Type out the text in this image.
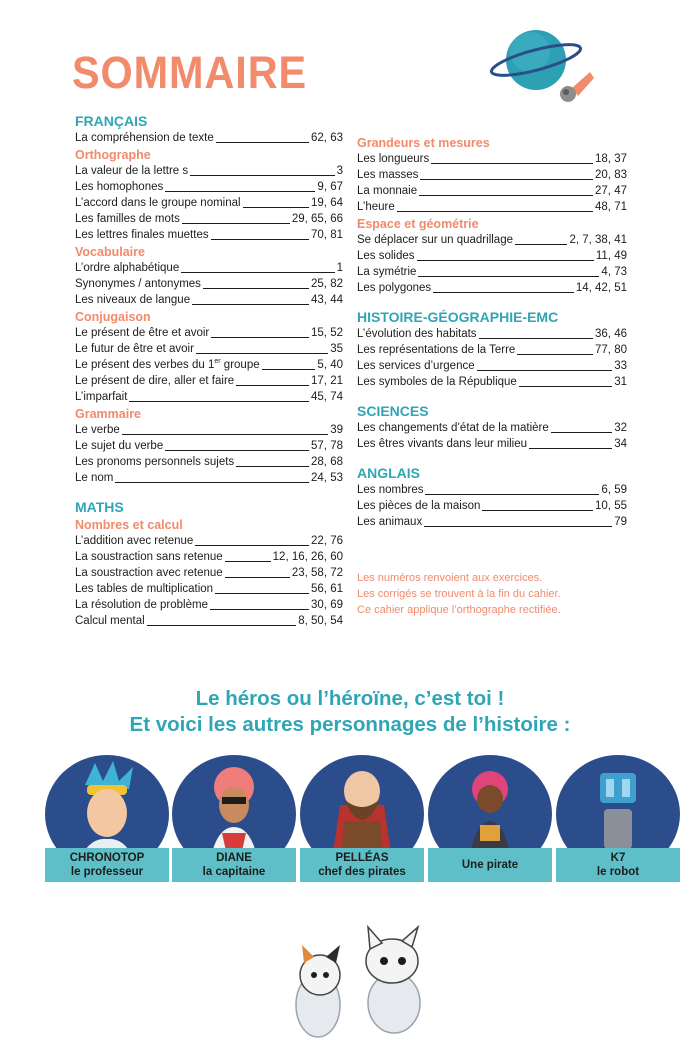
SOMMAIRE
FRANÇAIS
La compréhension de texte	62, 63
Orthographe
La valeur de la lettre s	3
Les homophones	9, 67
L’accord dans le groupe nominal	19, 64
Les familles de mots	29, 65, 66
Les lettres finales muettes	70, 81
Vocabulaire
L’ordre alphabétique	1
Synonymes / antonymes	25, 82
Les niveaux de langue	43, 44
Conjugaison
Le présent de être et avoir	15, 52
Le futur de être et avoir	35
Le présent des verbes du 1er groupe	5, 40
Le présent de dire, aller et faire	17, 21
L’imparfait	45, 74
Grammaire
Le verbe	39
Le sujet du verbe	57, 78
Les pronoms personnels sujets	28, 68
Le nom	24, 53
MATHS
Nombres et calcul
L’addition avec retenue	22, 76
La soustraction sans retenue	12, 16, 26, 60
La soustraction avec retenue	23, 58, 72
Les tables de multiplication	56, 61
La résolution de problème	30, 69
Calcul mental	8, 50, 54
Grandeurs et mesures
Les longueurs	18, 37
Les masses	20, 83
La monnaie	27, 47
L’heure	48, 71
Espace et géométrie
Se déplacer sur un quadrillage	2, 7, 38, 41
Les solides	11, 49
La symétrie	4, 73
Les polygones	14, 42, 51
HISTOIRE-GÉOGRAPHIE-EMC
L’évolution des habitats	36, 46
Les représentations de la Terre	77, 80
Les services d’urgence	33
Les symboles de la République	31
SCIENCES
Les changements d’état de la matière	32
Les êtres vivants dans leur milieu	34
ANGLAIS
Les nombres	6, 59
Les pièces de la maison	10, 55
Les animaux	79
Les numéros renvoient aux exercices.
Les corrigés se trouvent à la fin du cahier.
Ce cahier applique l’orthographe rectifiée.
Le héros ou l’héroïne, c’est toi !
Et voici les autres personnages de l’histoire :
CHRONOTOP
le professeur
DIANE
la capitaine
PELLÉAS
chef des pirates
Une pirate
K7
le robot
